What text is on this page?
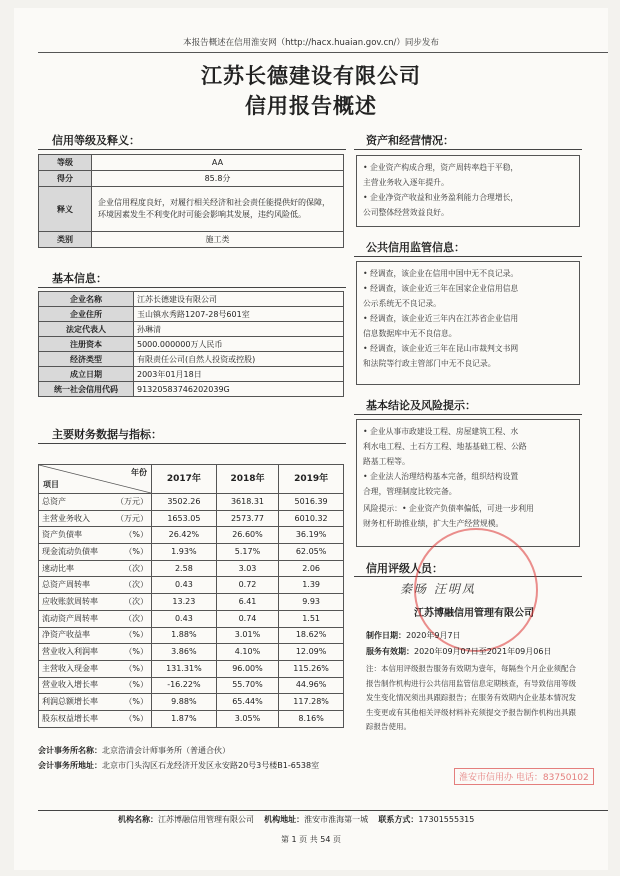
本报告概述在信用淮安网（http://hacx.huaian.gov.cn/）同步发布
江苏长德建设有限公司
信用报告概述
信用等级及释义：
等级	AA
得分	85.8分
释义	企业信用程度良好，对履行相关经济和社会责任能提供好的保障，环境因素发生不利变化时可能会影响其发展，违约风险低。
类别	施工类
基本信息：
企业名称	江苏长德建设有限公司
企业住所	玉山镇水秀路1207-28号601室
法定代表人	孙琳清
注册资本	5000.000000万人民币
经济类型	有限责任公司(自然人投资或控股)
成立日期	2003年01月18日
统一社会信用代码	91320583746202039G
主要财务数据与指标：
年份
项目	2017年	2018年	2019年
总资产 （万元）	3502.26	3618.31	5016.39
主营业务收入 （万元）	1653.05	2573.77	6010.32
资产负债率 （%）	26.42%	26.60%	36.19%
现金流动负债率 （%）	1.93%	5.17%	62.05%
速动比率 （次）	2.58	3.03	2.06
总资产周转率 （次）	0.43	0.72	1.39
应收账款周转率 （次）	13.23	6.41	9.93
流动资产周转率 （次）	0.43	0.74	1.51
净资产收益率 （%）	1.88%	3.01%	18.62%
营业收入利润率 （%）	3.86%	4.10%	12.09%
主营收入现金率 （%）	131.31%	96.00%	115.26%
营业收入增长率 （%）	-16.22%	55.70%	44.96%
利润总额增长率 （%）	9.88%	65.44%	117.28%
股东权益增长率 （%）	1.87%	3.05%	8.16%
会计事务所名称：北京浩清会计师事务所（普通合伙）
会计事务所地址：北京市门头沟区石龙经济开发区永安路20号3号楼B1-6538室
资产和经营情况：
• 企业资产构成合理，资产周转率趋于平稳，
主营业务收入逐年提升。
• 企业净资产收益和业务盈利能力合理增长，
公司整体经营效益良好。
公共信用监管信息：
• 经调查，该企业在信用中国中无不良记录。
• 经调查，该企业近三年在国家企业信用信息
公示系统无不良记录。
• 经调查，该企业近三年内在江苏省企业信用
信息数据库中无不良信息。
• 经调查，该企业近三年在昆山市裁判文书网
和法院等行政主管部门中无不良记录。
基本结论及风险提示：
• 企业从事市政建设工程、房屋建筑工程、水
利水电工程、土石方工程、地基基础工程、公路
路基工程等。
• 企业法人治理结构基本完备，组织结构设置
合理，管理制度比较完备。
风险提示：• 企业资产负债率偏低，可进一步利用
财务杠杆助推业绩，扩大生产经营规模。
信用评级人员：
秦旸 汪明凤
江苏博融信用管理有限公司
制作日期：2020年9月7日
服务有效期：2020年09月07日至2021年09月06日
注：本信用评级报告服务有效期为壹年，每隔叁个月企业须配合报告制作机构进行公共信用监管信息定期核查，有导致信用等级发生变化情况须出具跟踪报告；在服务有效期内企业基本情况发生变更或有其他相关评级材料补充须提交予报告制作机构出具跟踪报告使用。
淮安市信用办 电话：83750102
机构名称：江苏博融信用管理有限公司 机构地址：淮安市淮海第一城 联系方式：17301555315
第 1 页 共 54 页
